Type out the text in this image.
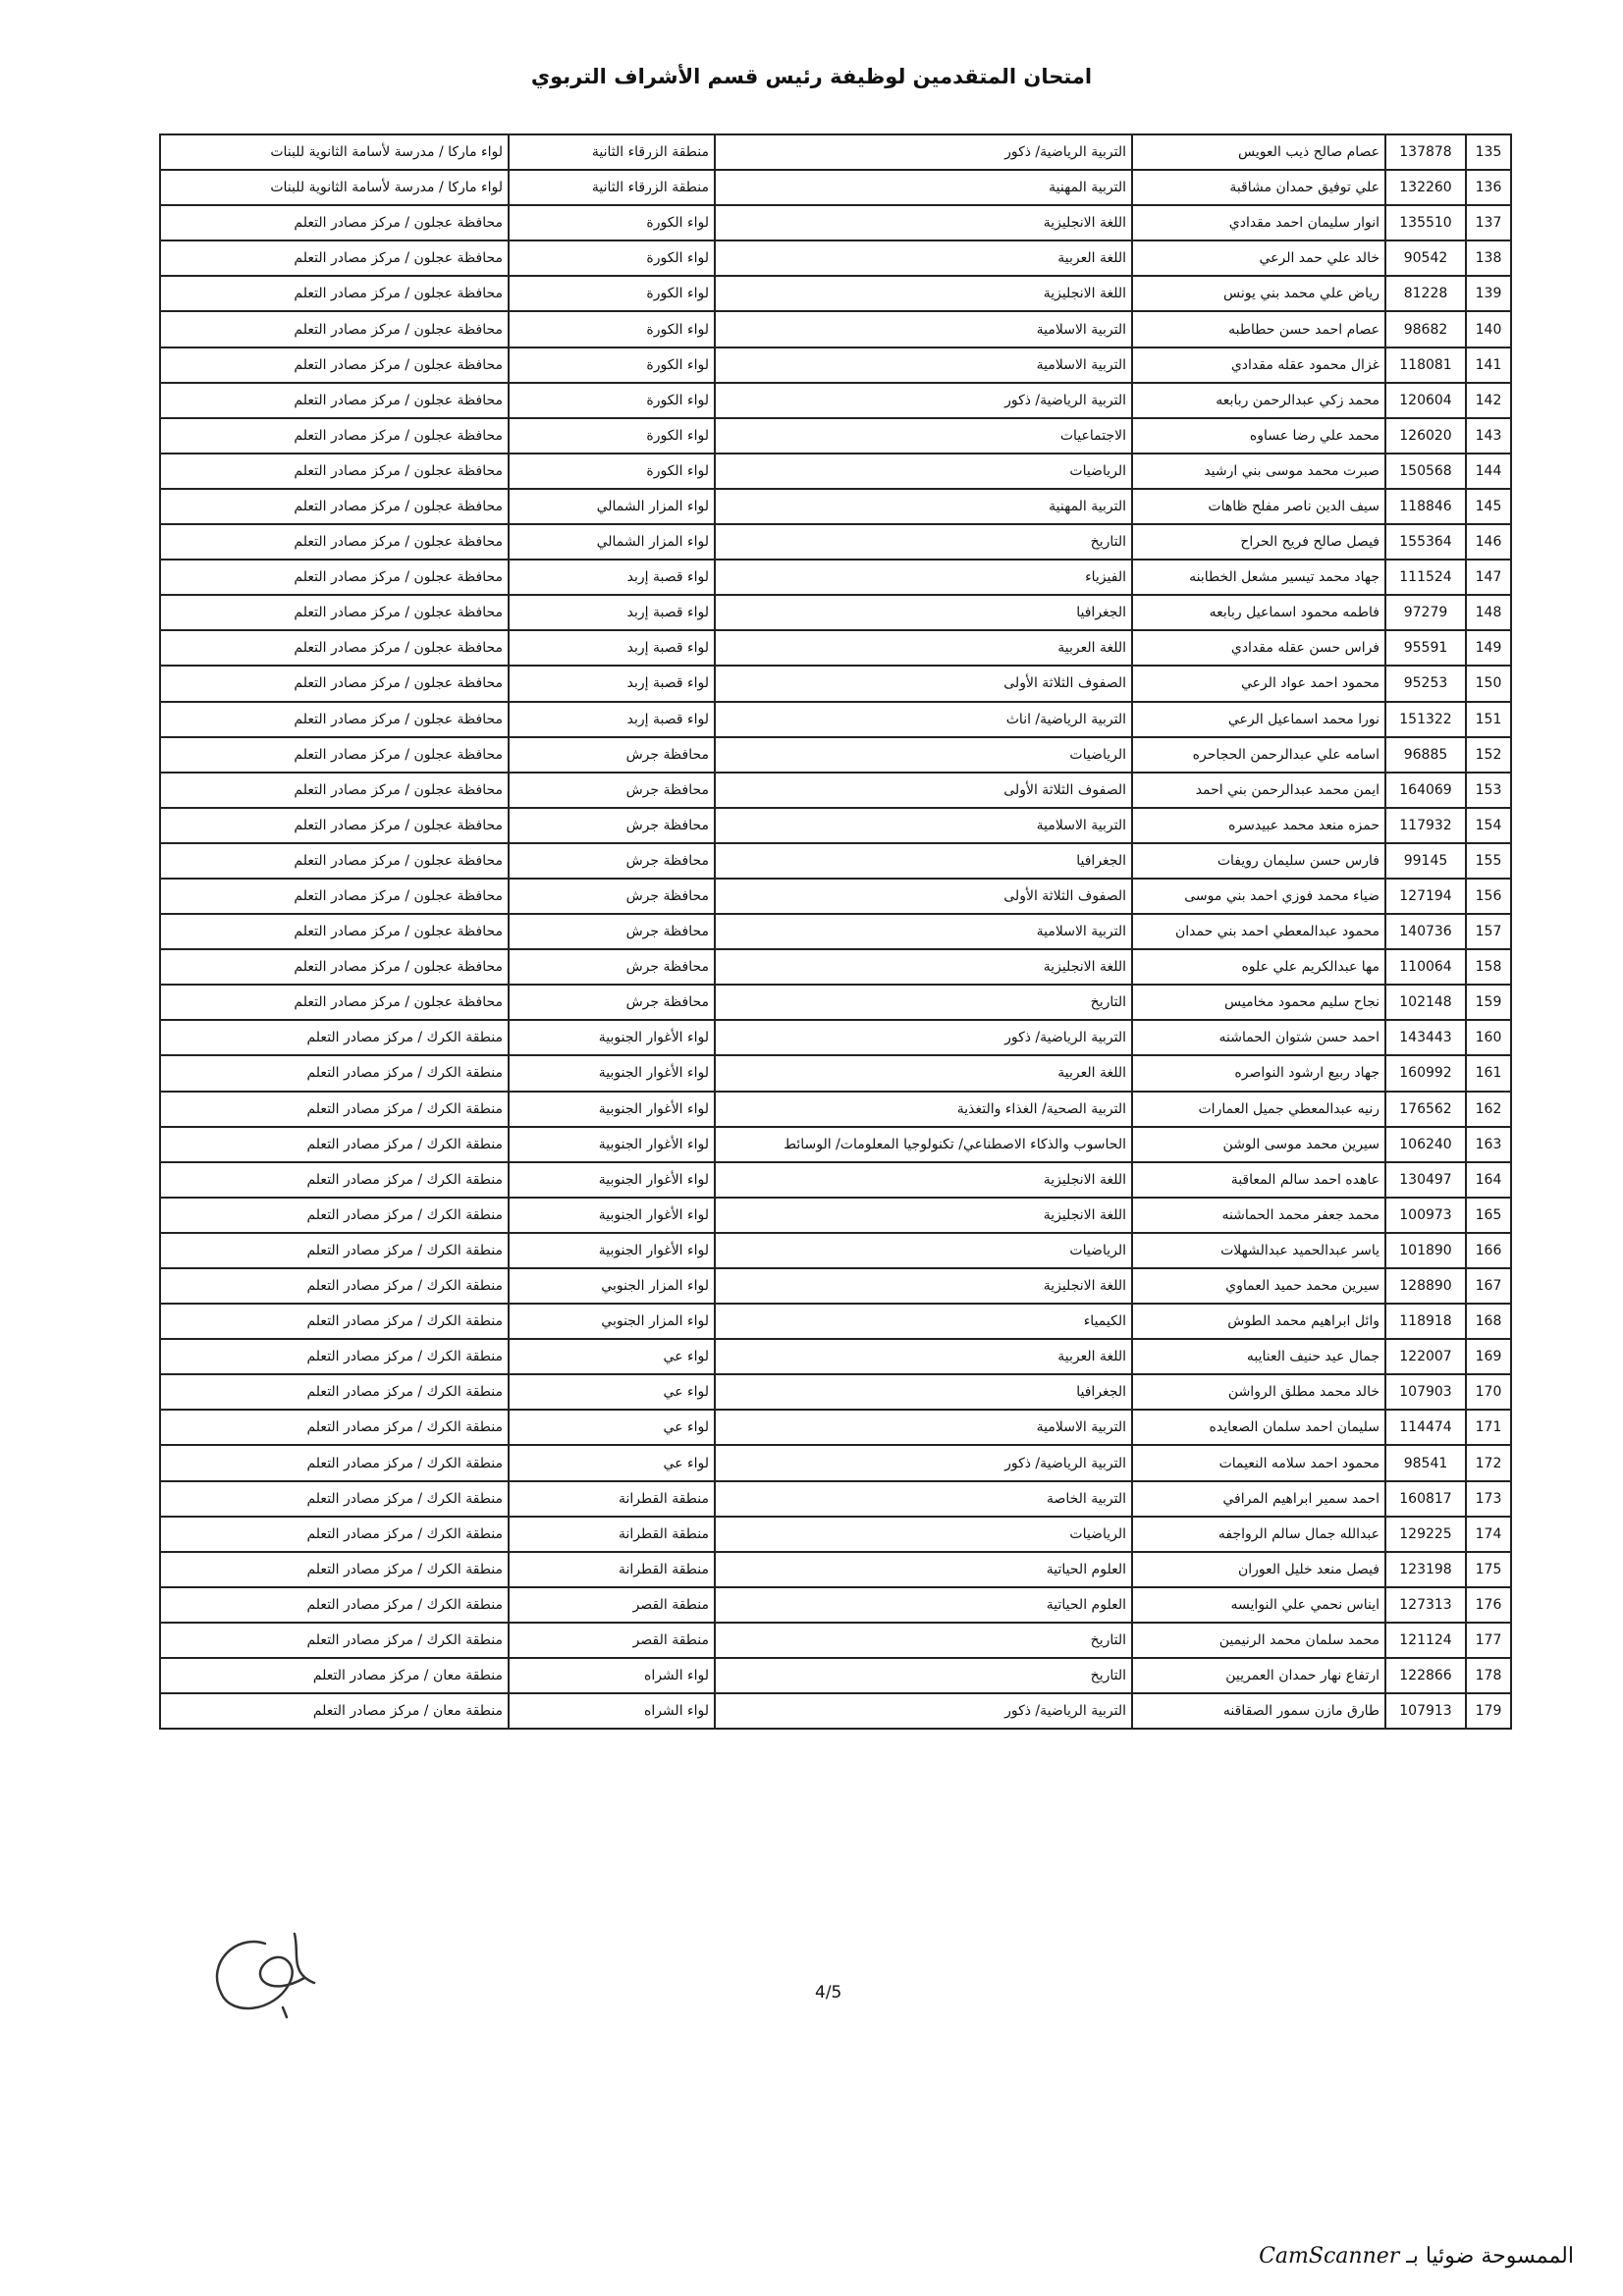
امتحان المتقدمين لوظيفة رئيس قسم الأشراف التربوي
135	137878	عصام صالح ذيب العويس	التربية الرياضية/ ذكور	منطقة الزرقاء الثانية	لواء ماركا / مدرسة لأسامة الثانوية للبنات
136	132260	علي توفيق حمدان مشاقبة	التربية المهنية	منطقة الزرقاء الثانية	لواء ماركا / مدرسة لأسامة الثانوية للبنات
137	135510	انوار سليمان احمد مقدادي	اللغة الانجليزية	لواء الكورة	محافظة عجلون / مركز مصادر التعلم
138	90542	خالد علي حمد الرعي	اللغة العربية	لواء الكورة	محافظة عجلون / مركز مصادر التعلم
139	81228	رياض علي محمد بني يونس	اللغة الانجليزية	لواء الكورة	محافظة عجلون / مركز مصادر التعلم
140	98682	عصام احمد حسن حطاطبه	التربية الاسلامية	لواء الكورة	محافظة عجلون / مركز مصادر التعلم
141	118081	غزال محمود عقله مقدادي	التربية الاسلامية	لواء الكورة	محافظة عجلون / مركز مصادر التعلم
142	120604	محمد زكي عبدالرحمن ربابعه	التربية الرياضية/ ذكور	لواء الكورة	محافظة عجلون / مركز مصادر التعلم
143	126020	محمد علي رضا عساوه	الاجتماعيات	لواء الكورة	محافظة عجلون / مركز مصادر التعلم
144	150568	صبرت محمد موسى بني ارشيد	الرياضيات	لواء الكورة	محافظة عجلون / مركز مصادر التعلم
145	118846	سيف الدين ناصر مفلح ظاهات	التربية المهنية	لواء المزار الشمالي	محافظة عجلون / مركز مصادر التعلم
146	155364	فيصل صالح فريح الحراح	التاريخ	لواء المزار الشمالي	محافظة عجلون / مركز مصادر التعلم
147	111524	جهاد محمد تيسير مشعل الخطابنه	الفيزياء	لواء قصبة إربد	محافظة عجلون / مركز مصادر التعلم
148	97279	فاطمه محمود اسماعيل ربابعه	الجغرافيا	لواء قصبة إربد	محافظة عجلون / مركز مصادر التعلم
149	95591	فراس حسن عقله مقدادي	اللغة العربية	لواء قصبة إربد	محافظة عجلون / مركز مصادر التعلم
150	95253	محمود احمد عواد الرعي	الصفوف الثلاثة الأولى	لواء قصبة إربد	محافظة عجلون / مركز مصادر التعلم
151	151322	نورا محمد اسماعيل الرعي	التربية الرياضية/ اناث	لواء قصبة إربد	محافظة عجلون / مركز مصادر التعلم
152	96885	اسامه علي عبدالرحمن الحجاحره	الرياضيات	محافظة جرش	محافظة عجلون / مركز مصادر التعلم
153	164069	ايمن محمد عبدالرحمن بني احمد	الصفوف الثلاثة الأولى	محافظة جرش	محافظة عجلون / مركز مصادر التعلم
154	117932	حمزه منعد محمد عبيدسره	التربية الاسلامية	محافظة جرش	محافظة عجلون / مركز مصادر التعلم
155	99145	فارس حسن سليمان رويفات	الجغرافيا	محافظة جرش	محافظة عجلون / مركز مصادر التعلم
156	127194	ضياء محمد فوزي احمد بني موسى	الصفوف الثلاثة الأولى	محافظة جرش	محافظة عجلون / مركز مصادر التعلم
157	140736	محمود عبدالمعطي احمد بني حمدان	التربية الاسلامية	محافظة جرش	محافظة عجلون / مركز مصادر التعلم
158	110064	مها عبدالكريم علي علوه	اللغة الانجليزية	محافظة جرش	محافظة عجلون / مركز مصادر التعلم
159	102148	نجاح سليم محمود مخاميس	التاريخ	محافظة جرش	محافظة عجلون / مركز مصادر التعلم
160	143443	احمد حسن شتوان الحماشنه	التربية الرياضية/ ذكور	لواء الأغوار الجنوبية	منطقة الكرك / مركز مصادر التعلم
161	160992	جهاد ربيع ارشود النواصره	اللغة العربية	لواء الأغوار الجنوبية	منطقة الكرك / مركز مصادر التعلم
162	176562	رنيه عبدالمعطي جميل العمارات	التربية الصحية/ الغذاء والتغذية	لواء الأغوار الجنوبية	منطقة الكرك / مركز مصادر التعلم
163	106240	سيرين محمد موسى الوشن	الحاسوب والذكاء الاصطناعي/ تكنولوجيا المعلومات/ الوسائط	لواء الأغوار الجنوبية	منطقة الكرك / مركز مصادر التعلم
164	130497	عاهده احمد سالم المعاقبة	اللغة الانجليزية	لواء الأغوار الجنوبية	منطقة الكرك / مركز مصادر التعلم
165	100973	محمد جعفر محمد الحماشنه	اللغة الانجليزية	لواء الأغوار الجنوبية	منطقة الكرك / مركز مصادر التعلم
166	101890	ياسر عبدالحميد عبدالشهلات	الرياضيات	لواء الأغوار الجنوبية	منطقة الكرك / مركز مصادر التعلم
167	128890	سيرين محمد حميد العماوي	اللغة الانجليزية	لواء المزار الجنوبي	منطقة الكرك / مركز مصادر التعلم
168	118918	وائل ابراهيم محمد الطوش	الكيمياء	لواء المزار الجنوبي	منطقة الكرك / مركز مصادر التعلم
169	122007	جمال عيد حنيف العنايبه	اللغة العربية	لواء عي	منطقة الكرك / مركز مصادر التعلم
170	107903	خالد محمد مطلق الرواشن	الجغرافيا	لواء عي	منطقة الكرك / مركز مصادر التعلم
171	114474	سليمان احمد سلمان الصعايده	التربية الاسلامية	لواء عي	منطقة الكرك / مركز مصادر التعلم
172	98541	محمود احمد سلامه النعيمات	التربية الرياضية/ ذكور	لواء عي	منطقة الكرك / مركز مصادر التعلم
173	160817	احمد سمير ابراهيم المرافي	التربية الخاصة	منطقة القطرانة	منطقة الكرك / مركز مصادر التعلم
174	129225	عبدالله جمال سالم الرواجفه	الرياضيات	منطقة القطرانة	منطقة الكرك / مركز مصادر التعلم
175	123198	فيصل منعد خليل العوران	العلوم الحياتية	منطقة القطرانة	منطقة الكرك / مركز مصادر التعلم
176	127313	ايناس نحمي علي النوايسه	العلوم الحياتية	منطقة القصر	منطقة الكرك / مركز مصادر التعلم
177	121124	محمد سلمان محمد الرنيمين	التاريخ	منطقة القصر	منطقة الكرك / مركز مصادر التعلم
178	122866	ارتفاع نهار حمدان العمريين	التاريخ	لواء الشراه	منطقة معان / مركز مصادر التعلم
179	107913	طارق مازن سمور الصقاقنه	التربية الرياضية/ ذكور	لواء الشراه	منطقة معان / مركز مصادر التعلم
4/5
الممسوحة ضوئيا بـ CamScanner
